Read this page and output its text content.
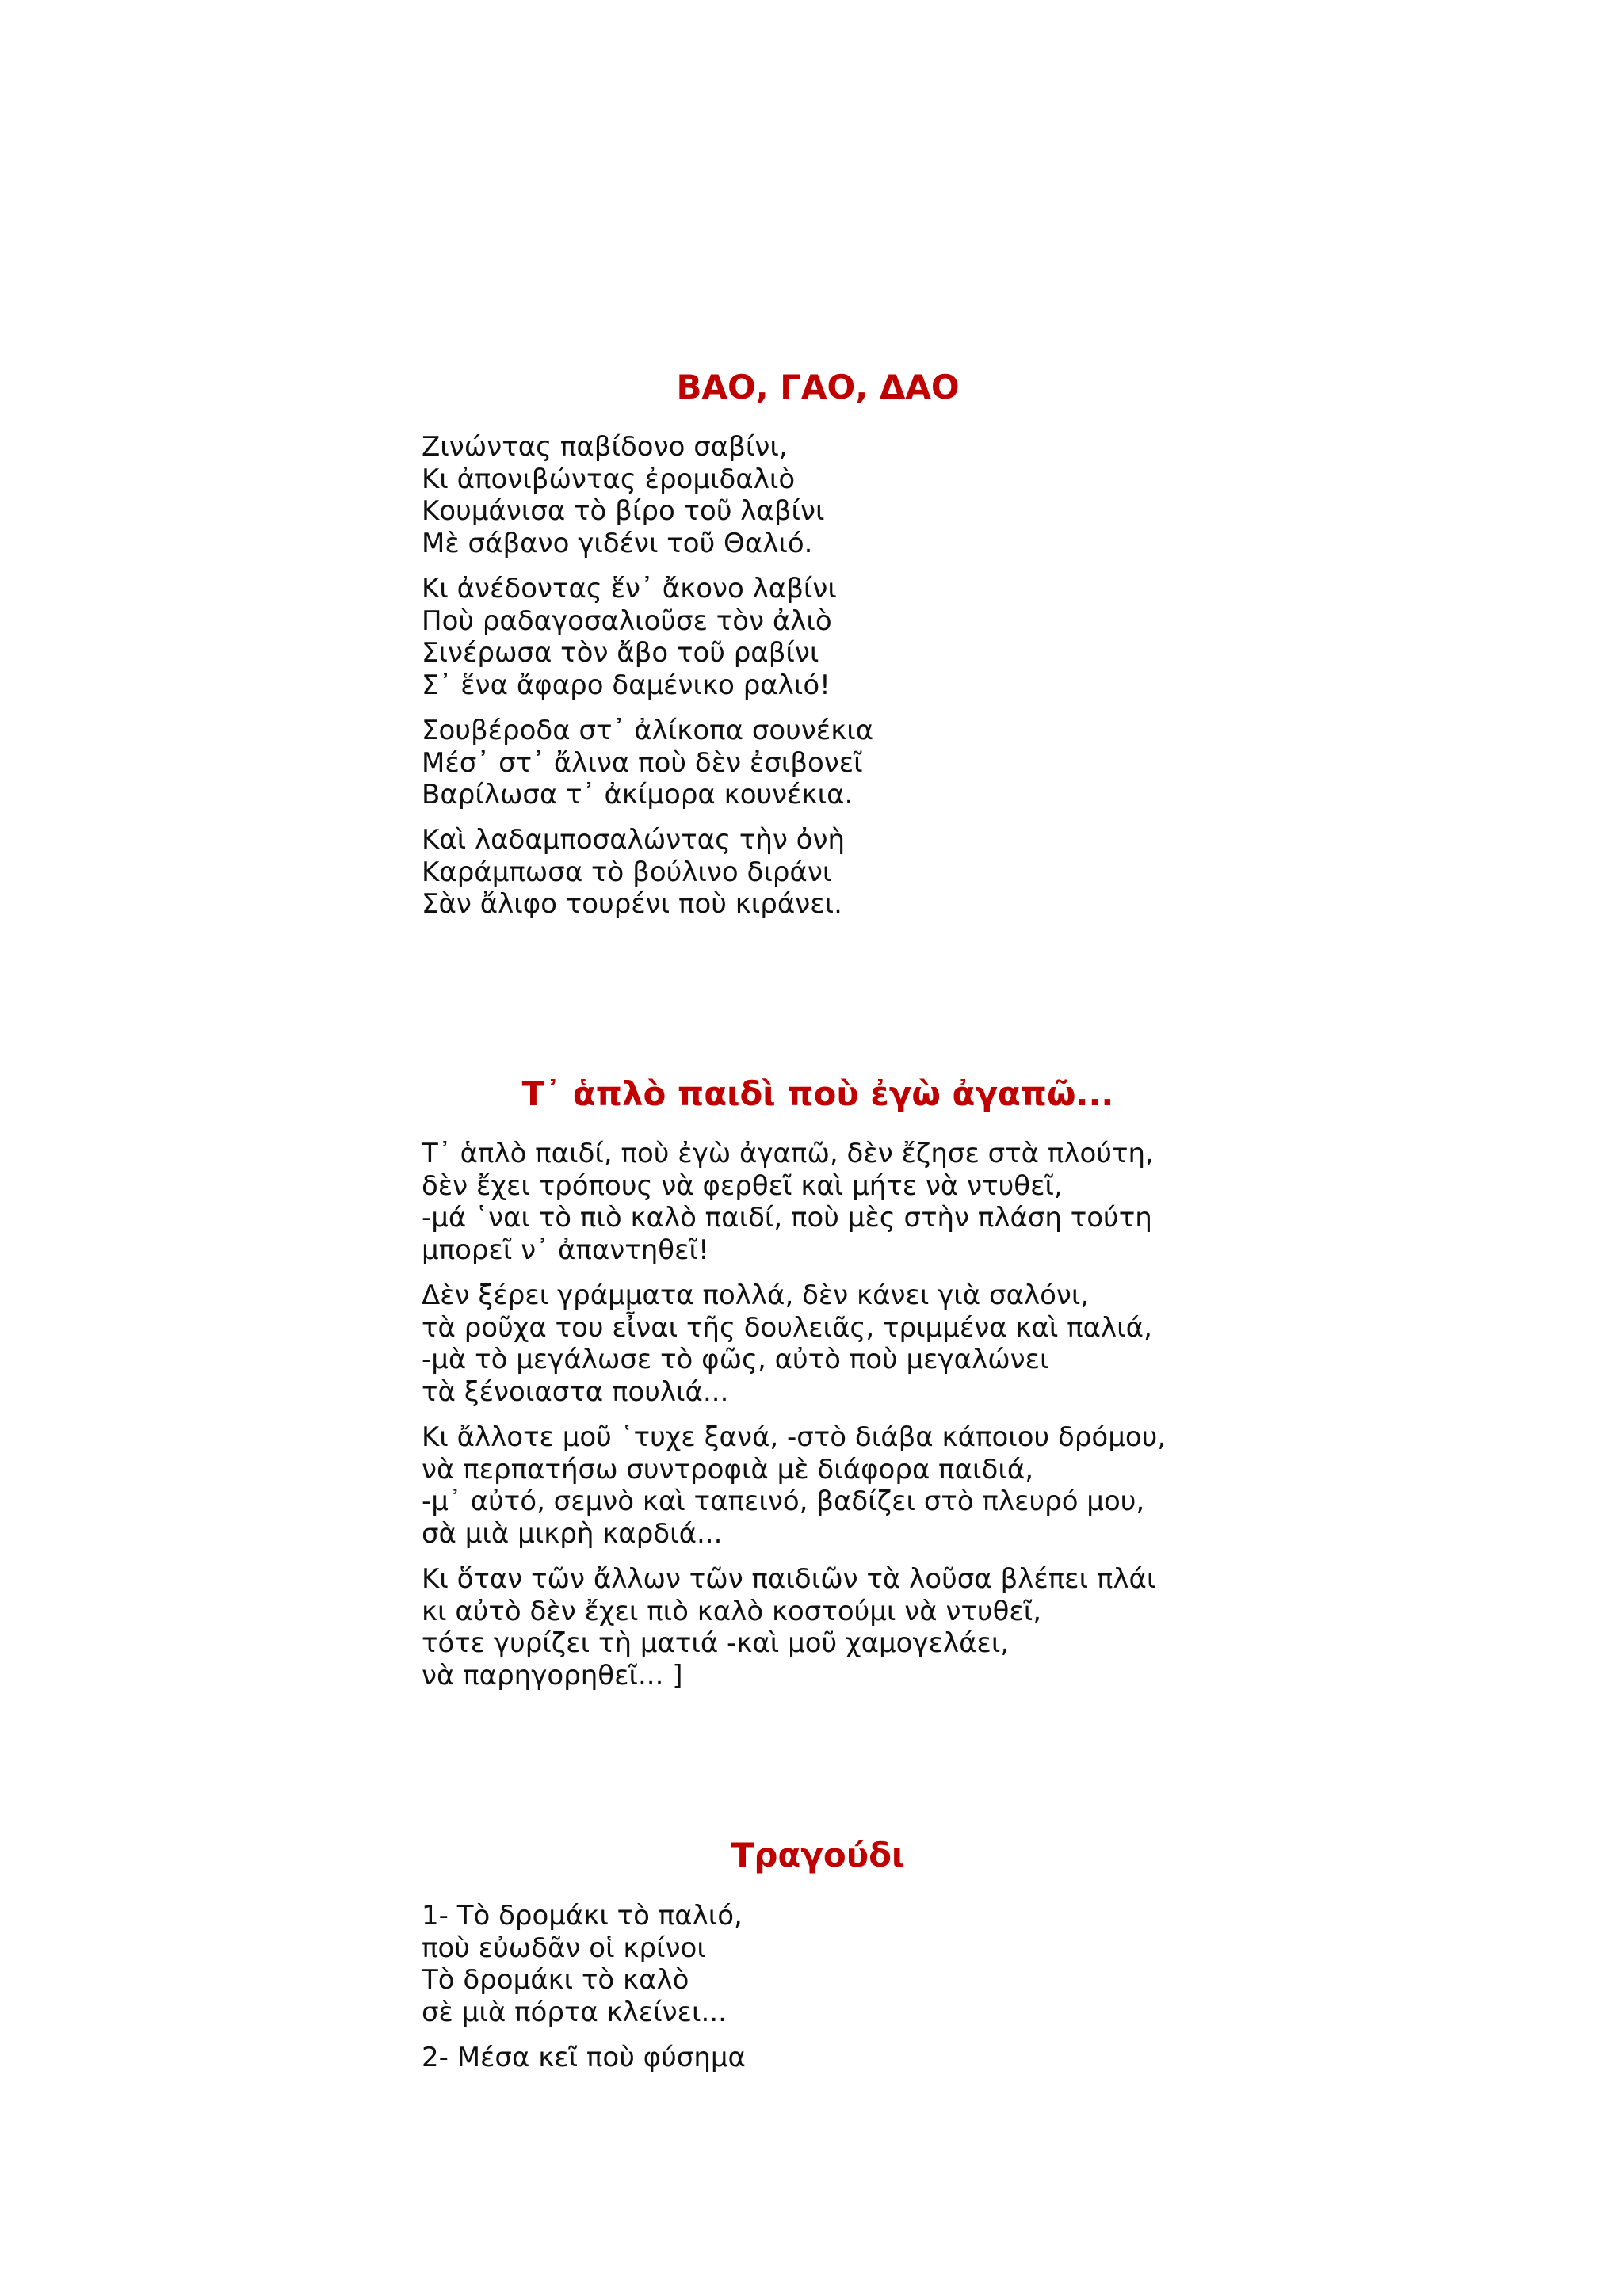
ΒΑΟ, ΓΑΟ, ΔΑΟ
Ζινώντας παβίδονο σαβίνι,
Κι ἀπονιβώντας ἐρομιδαλιὸ
Κουμάνισα τὸ βίρο τοῦ λαβίνι
Μὲ σάβανο γιδένι τοῦ Θαλιό.
Κι ἀνέδοντας ἕν᾽ ἄκονο λαβίνι
Ποὺ ραδαγοσαλιοῦσε τὸν ἀλιὸ
Σινέρωσα τὸν ἄβο τοῦ ραβίνι
Σ᾽ ἕνα ἄφαρο δαμένικο ραλιό!
Σουβέροδα στ᾽ ἀλίκοπα σουνέκια
Μέσ᾽ στ᾽ ἄλινα ποὺ δὲν ἐσιβονεῖ
Βαρίλωσα τ᾽ ἀκίμορα κουνέκια.
Καὶ λαδαμποσαλώντας τὴν ὀνὴ
Καράμπωσα τὸ βούλινο διράνι
Σὰν ἄλιφο τουρένι ποὺ κιράνει.
Τ᾽ ἁπλὸ παιδὶ ποὺ ἐγὼ ἀγαπῶ...
Τ᾽ ἁπλὸ παιδί, ποὺ ἐγὼ ἀγαπῶ, δὲν ἔζησε στὰ πλούτη,
δὲν ἔχει τρόπους νὰ φερθεῖ καὶ μήτε νὰ ντυθεῖ,
-μά ῾ναι τὸ πιὸ καλὸ παιδί, ποὺ μὲς στὴν πλάση τούτη
μπορεῖ ν᾽ ἀπαντηθεῖ!
Δὲν ξέρει γράμματα πολλά, δὲν κάνει γιὰ σαλόνι,
τὰ ροῦχα του εἶναι τῆς δουλειᾶς, τριμμένα καὶ παλιά,
-μὰ τὸ μεγάλωσε τὸ φῶς, αὐτὸ ποὺ μεγαλώνει
τὰ ξένοιαστα πουλιά...
Κι ἄλλοτε μοῦ ῾τυχε ξανά, -στὸ διάβα κάποιου δρόμου,
νὰ περπατήσω συντροφιὰ μὲ διάφορα παιδιά,
-μ᾽ αὐτό, σεμνὸ καὶ ταπεινό, βαδίζει στὸ πλευρό μου,
σὰ μιὰ μικρὴ καρδιά...
Κι ὅταν τῶν ἄλλων τῶν παιδιῶν τὰ λοῦσα βλέπει πλάι
κι αὐτὸ δὲν ἔχει πιὸ καλὸ κοστούμι νὰ ντυθεῖ,
τότε γυρίζει τὴ ματιά -καὶ μοῦ χαμογελάει,
νὰ παρηγορηθεῖ... ]
Τραγούδι
1- Τὸ δρομάκι τὸ παλιό,
ποὺ εὐωδᾶν οἱ κρίνοι
Τὸ δρομάκι τὸ καλὸ
σὲ μιὰ πόρτα κλείνει...
2- Μέσα κεῖ ποὺ φύσημα
